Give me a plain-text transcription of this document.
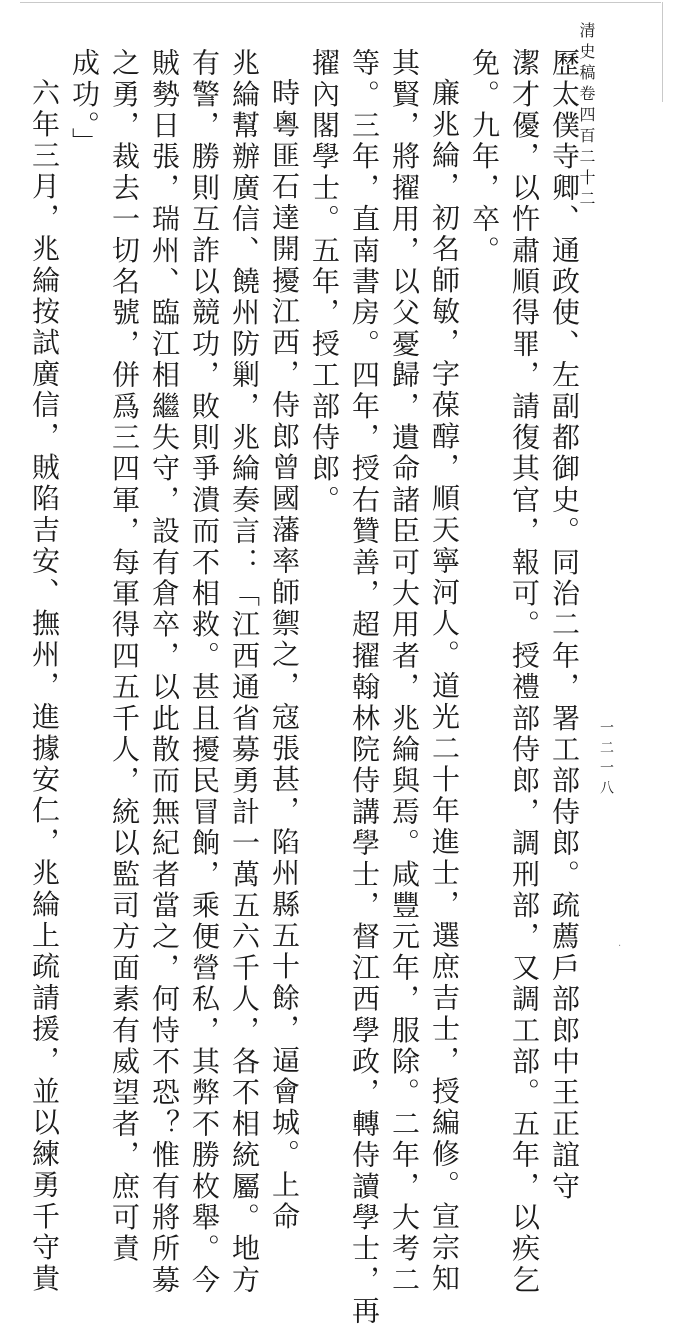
·
清史稿卷四百二十二
一二一八
歷太僕寺卿、通政使、左副都御史。同治二年，署工部侍郎。疏薦戶部郎中王正誼守
潔才優，以忤肅順得罪，請復其官，報可。授禮部侍郎，調刑部，又調工部。五年，以疾乞
免。九年，卒。
廉兆綸，初名師敏，字葆醇，順天寧河人。道光二十年進士，選庶吉士，授編修。宣宗知
其賢，將擢用，以父憂歸，遺命諸臣可大用者，兆綸與焉。咸豐元年，服除。二年，大考二
等。三年，直南書房。四年，授右贊善，超擢翰林院侍講學士，督江西學政，轉侍讀學士，再
擢內閣學士。五年，授工部侍郎。
時粵匪石達開擾江西，侍郎曾國藩率師禦之，寇張甚，陷州縣五十餘，逼會城。上命
兆綸幫辦廣信、饒州防剿，兆綸奏言：「江西通省募勇計一萬五六千人，各不相統屬。地方
有警，勝則互詐以競功，敗則爭潰而不相救。甚且擾民冒餉，乘便營私，其弊不勝枚舉。今
賊勢日張，瑞州、臨江相繼失守，設有倉卒，以此散而無紀者當之，何恃不恐？惟有將所募
之勇，裁去一切名號，併爲三四軍，每軍得四五千人，統以監司方面素有威望者，庶可責
成功。」
六年三月，兆綸按試廣信，賊陷吉安、撫州，進據安仁，兆綸上疏請援，並以練勇千守貴
